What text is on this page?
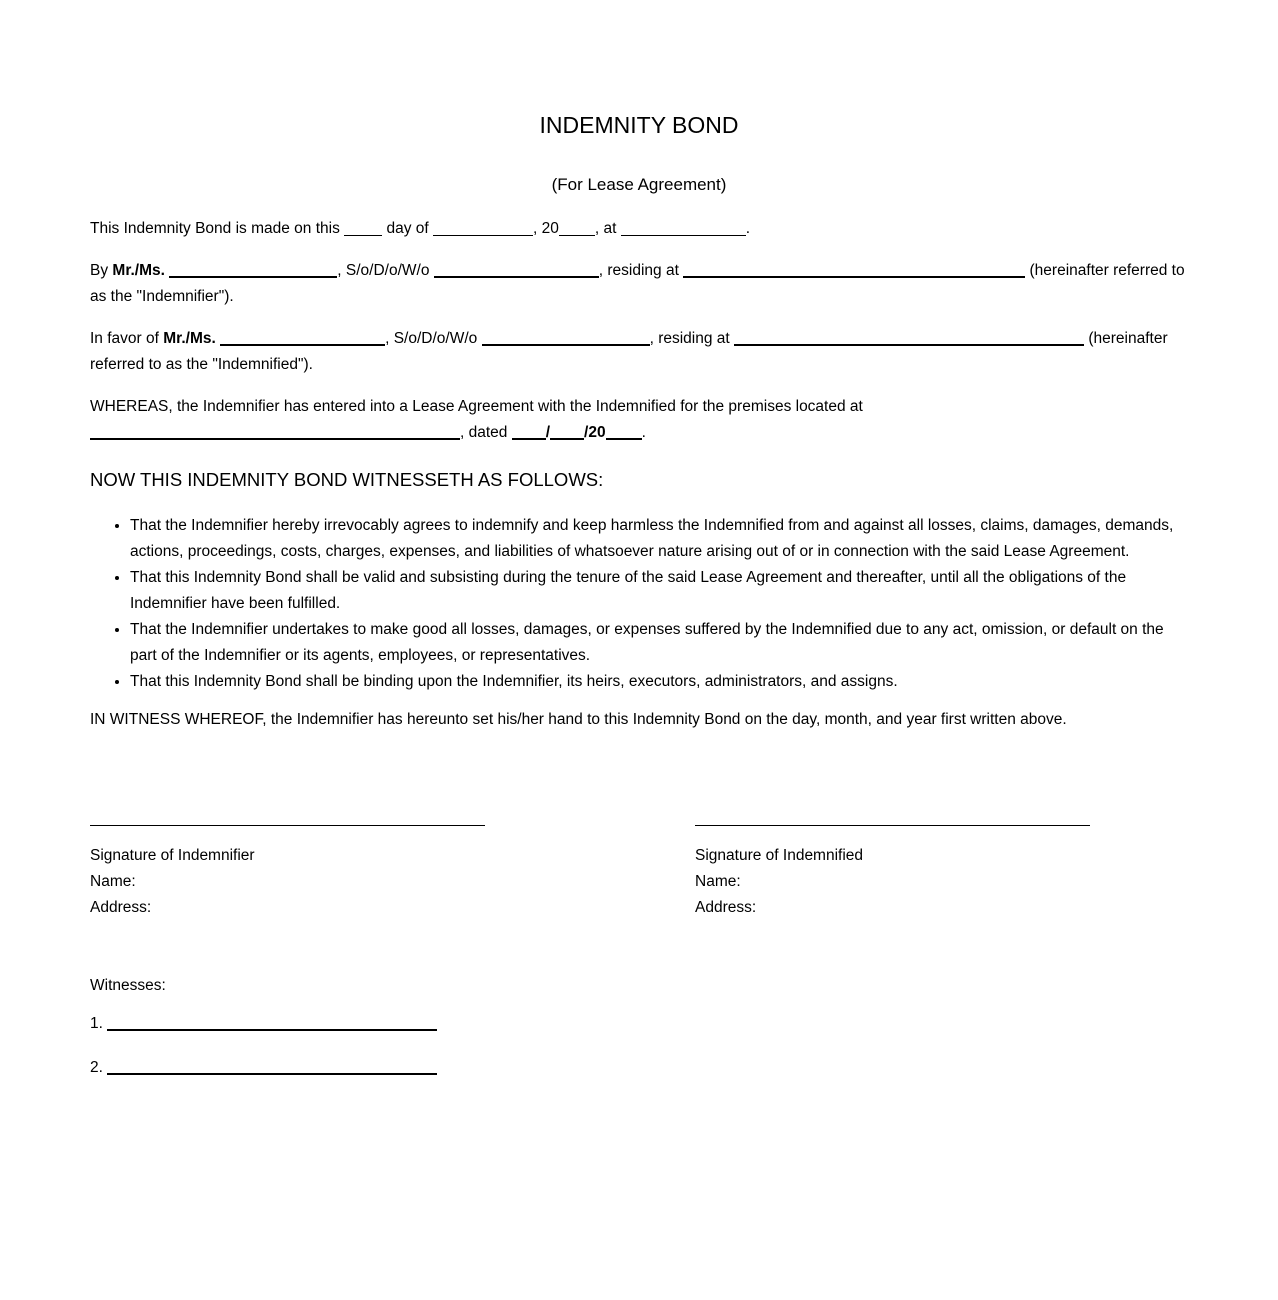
INDEMNITY BOND

(For Lease Agreement)

This Indemnity Bond is made on this	day of	, 20 , at	.

By Mr./Ms.	, S/o/D/o/W/o	, residing at	(hereinafter referred to as the "Indemnifier").

In favor of Mr./Ms.	, S/o/D/o/W/o	, residing at	(hereinafter referred to as the "Indemnified").

WHEREAS, the Indemnifier has entered into a Lease Agreement with the Indemnified for the premises located at , dated / /20 .

NOW THIS INDEMNITY BOND WITNESSETH AS FOLLOWS:
• That the Indemnifier hereby irrevocably agrees to indemnify and keep harmless the Indemnified from and against all losses, claims, damages, demands, actions, proceedings, costs, charges, expenses, and liabilities of whatsoever nature arising out of or in connection with the said Lease Agreement.
• That this Indemnity Bond shall be valid and subsisting during the tenure of the said Lease Agreement and thereafter, until all the obligations of the Indemnifier have been fulfilled.
• That the Indemnifier undertakes to make good all losses, damages, or expenses suffered by the Indemnified due to any act, omission, or default on the part of the Indemnifier or its agents, employees, or representatives.
• That this Indemnity Bond shall be binding upon the Indemnifier, its heirs, executors, administrators, and assigns.

IN WITNESS WHEREOF, the Indemnifier has hereunto set his/her hand to this Indemnity Bond on the day, month, and year first written above.

Signature of Indemnifier
Name:
Address:
Signature of Indemnified
Name:
Address:
Witnesses:
1.
2.
